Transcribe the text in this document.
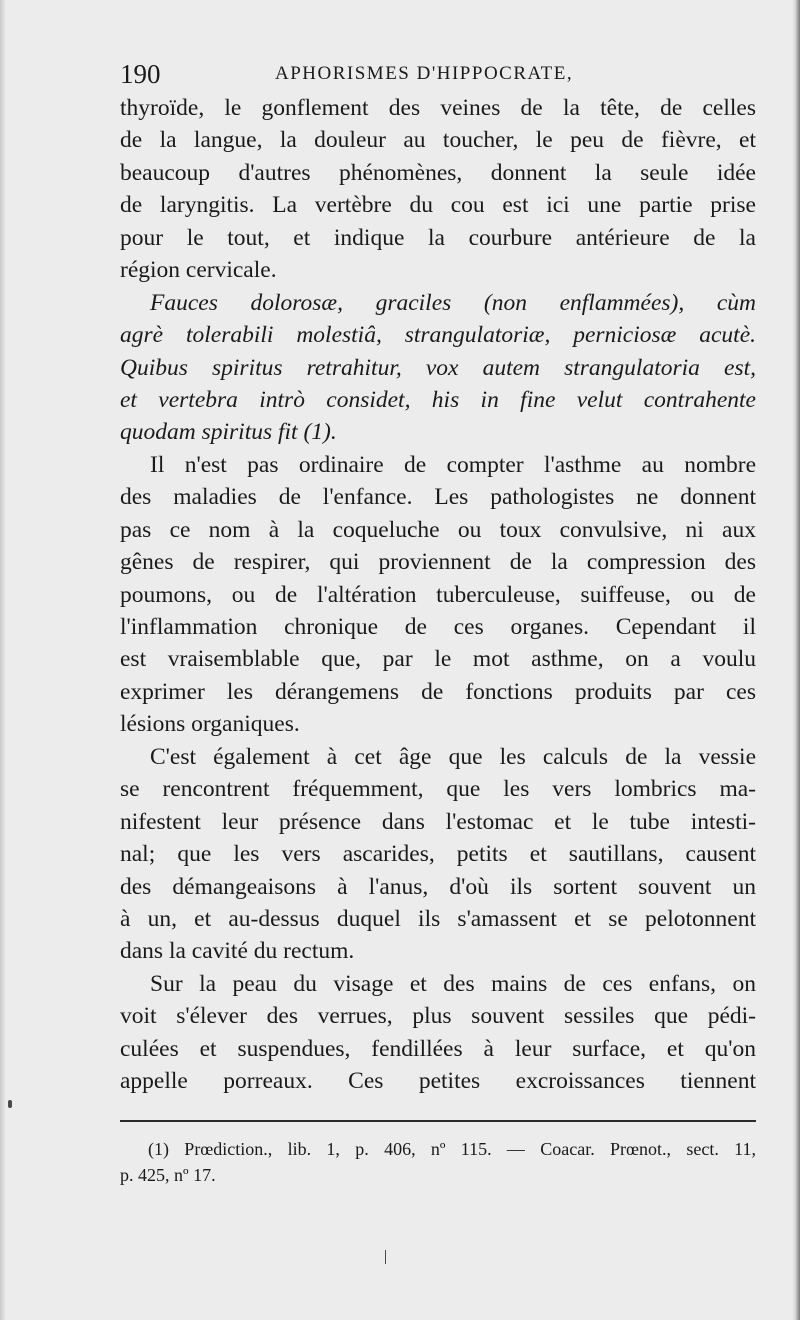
190	APHORISMES D'HIPPOCRATE,
thyroïde, le gonflement des veines de la tête, de celles
de la langue, la douleur au toucher, le peu de fièvre, et
beaucoup d'autres phénomènes, donnent la seule idée
de laryngitis. La vertèbre du cou est ici une partie prise
pour le tout, et indique la courbure antérieure de la
région cervicale.
Fauces dolorosæ, graciles (non enflammées), cùm
agrè tolerabili molestiâ, strangulatoriæ, perniciosæ acutè.
Quibus spiritus retrahitur, vox autem strangulatoria est,
et vertebra intrò considet, his in fine velut contrahente
quodam spiritus fit (1).
Il n'est pas ordinaire de compter l'asthme au nombre
des maladies de l'enfance. Les pathologistes ne donnent
pas ce nom à la coqueluche ou toux convulsive, ni aux
gênes de respirer, qui proviennent de la compression des
poumons, ou de l'altération tuberculeuse, suiffeuse, ou de
l'inflammation chronique de ces organes. Cependant il
est vraisemblable que, par le mot asthme, on a voulu
exprimer les dérangemens de fonctions produits par ces
lésions organiques.
C'est également à cet âge que les calculs de la vessie
se rencontrent fréquemment, que les vers lombrics ma-
nifestent leur présence dans l'estomac et le tube intesti-
nal; que les vers ascarides, petits et sautillans, causent
des démangeaisons à l'anus, d'où ils sortent souvent un
à un, et au-dessus duquel ils s'amassent et se pelotonnent
dans la cavité du rectum.
Sur la peau du visage et des mains de ces enfans, on
voit s'élever des verrues, plus souvent sessiles que pédi-
culées et suspendues, fendillées à leur surface, et qu'on
appelle porreaux. Ces petites excroissances tiennent
(1) Prœdiction., lib. 1, p. 406, nº 115. — Coacar. Prœnot., sect. 11,
p. 425, nº 17.
